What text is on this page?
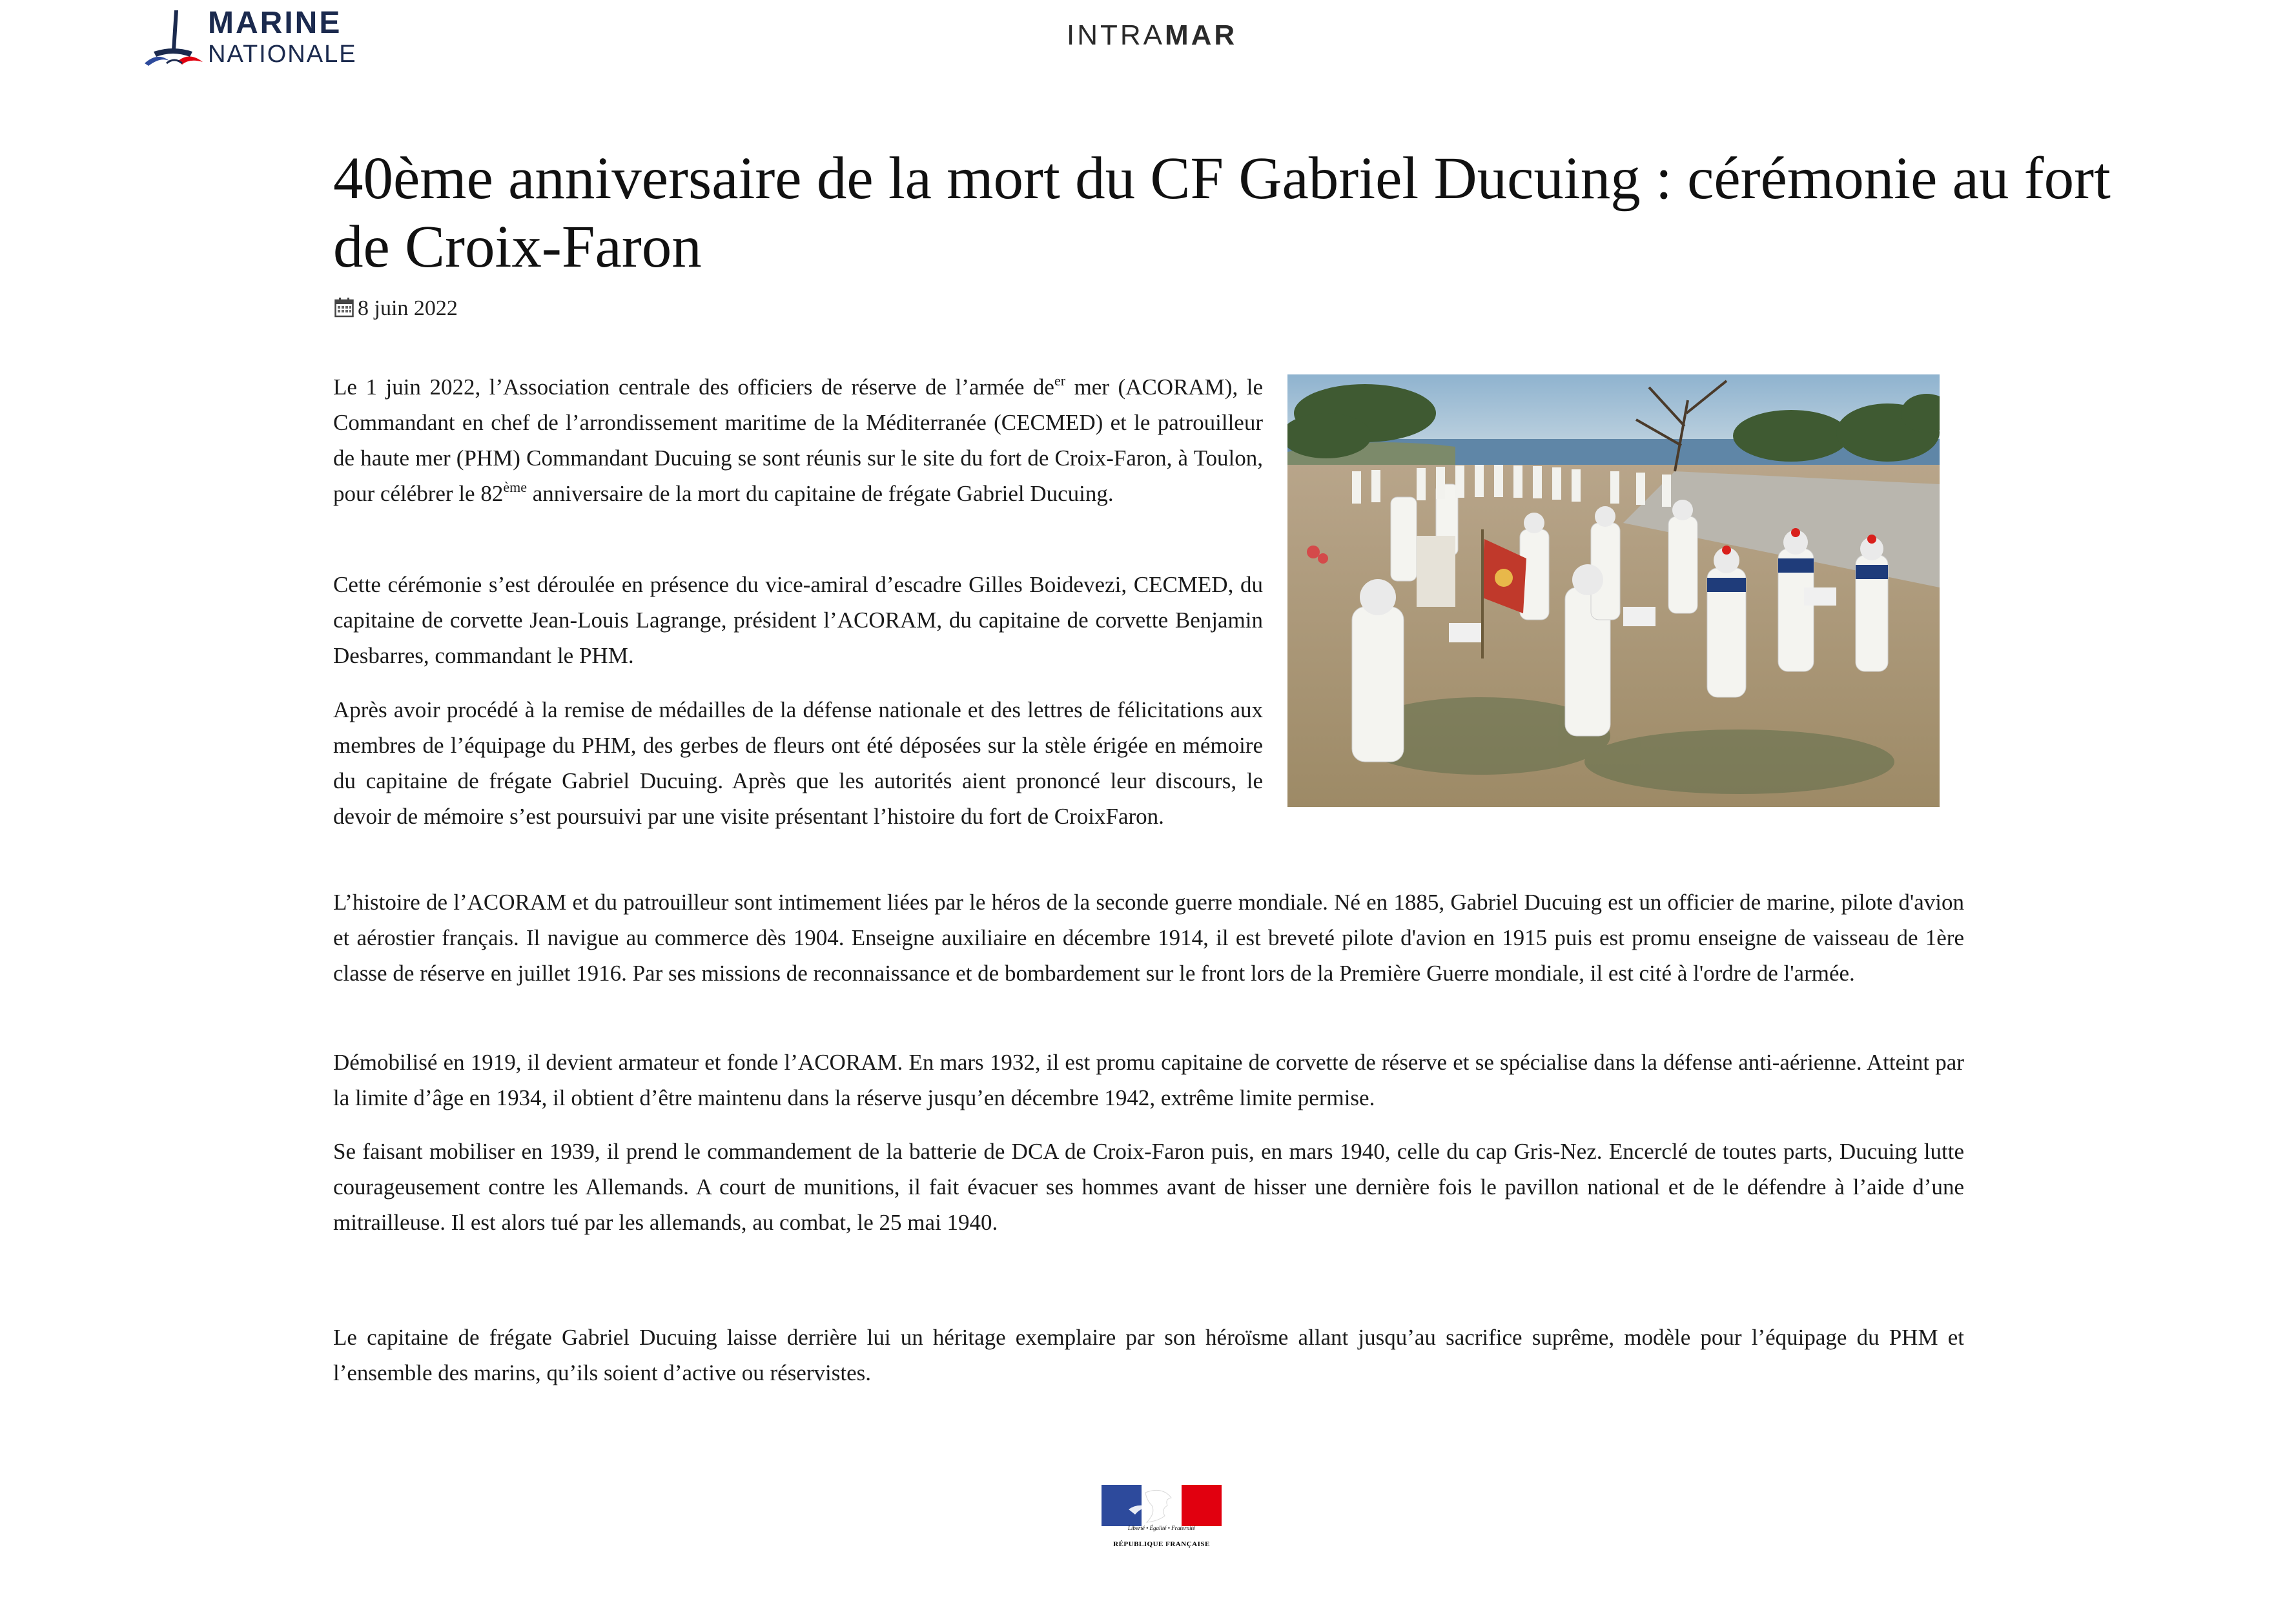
MARINE
NATIONALE
INTRAMAR
40ème anniversaire de la mort du CF Gabriel Ducuing : cérémonie au fort de Croix-Faron
8 juin 2022

Le 1 juin 2022, l’Association centrale des officiers de réserve de l’armée $de^{er}$ mer (ACORAM), le Commandant en chef de l’arrondissement maritime de la Méditerranée (CECMED) et le patrouilleur de haute mer (PHM) Commandant Ducuing se sont réunis sur le site du fort de Croix-Faron, à Toulon, pour célébrer le 82ème anniversaire de la mort du capitaine de frégate Gabriel Ducuing.

Cette cérémonie s’est déroulée en présence du vice-amiral d’escadre Gilles Boidevezi, CECMED, du capitaine de corvette Jean-Louis Lagrange, président l’ACORAM, du capitaine de corvette Benjamin Desbarres, commandant le PHM.

Après avoir procédé à la remise de médailles de la défense nationale et des lettres de félicitations aux membres de l’équipage du PHM, des gerbes de fleurs ont été déposées sur la stèle érigée en mémoire du capitaine de frégate Gabriel Ducuing. Après que les autorités aient prononcé leur discours, le devoir de mémoire s’est poursuivi par une visite présentant l’histoire du fort de CroixFaron.

L’histoire de l’ACORAM et du patrouilleur sont intimement liées par le héros de la seconde guerre mondiale. Né en 1885, Gabriel Ducuing est un officier de marine, pilote d'avion et aérostier français. Il navigue au commerce dès 1904. Enseigne auxiliaire en décembre 1914, il est breveté pilote d'avion en 1915 puis est promu enseigne de vaisseau de 1ère classe de réserve en juillet 1916. Par ses missions de reconnaissance et de bombardement sur le front lors de la Première Guerre mondiale, il est cité à l'ordre de l'armée.

Démobilisé en 1919, il devient armateur et fonde l’ACORAM. En mars 1932, il est promu capitaine de corvette de réserve et se spécialise dans la défense anti-aérienne. Atteint par la limite d’âge en 1934, il obtient d’être maintenu dans la réserve jusqu’en décembre 1942, extrême limite permise.

Se faisant mobiliser en 1939, il prend le commandement de la batterie de DCA de Croix-Faron puis, en mars 1940, celle du cap Gris-Nez. Encerclé de toutes parts, Ducuing lutte courageusement contre les Allemands. A court de munitions, il fait évacuer ses hommes avant de hisser une dernière fois le pavillon national et de le défendre à l’aide d’une mitrailleuse. Il est alors tué par les allemands, au combat, le 25 mai 1940.

Le capitaine de frégate Gabriel Ducuing laisse derrière lui un héritage exemplaire par son héroïsme allant jusqu’au sacrifice suprême, modèle pour l’équipage du PHM et l’ensemble des marins, qu’ils soient d’active ou réservistes.

Liberté • Égalité • Fraternité
RÉPUBLIQUE FRANÇAISE
